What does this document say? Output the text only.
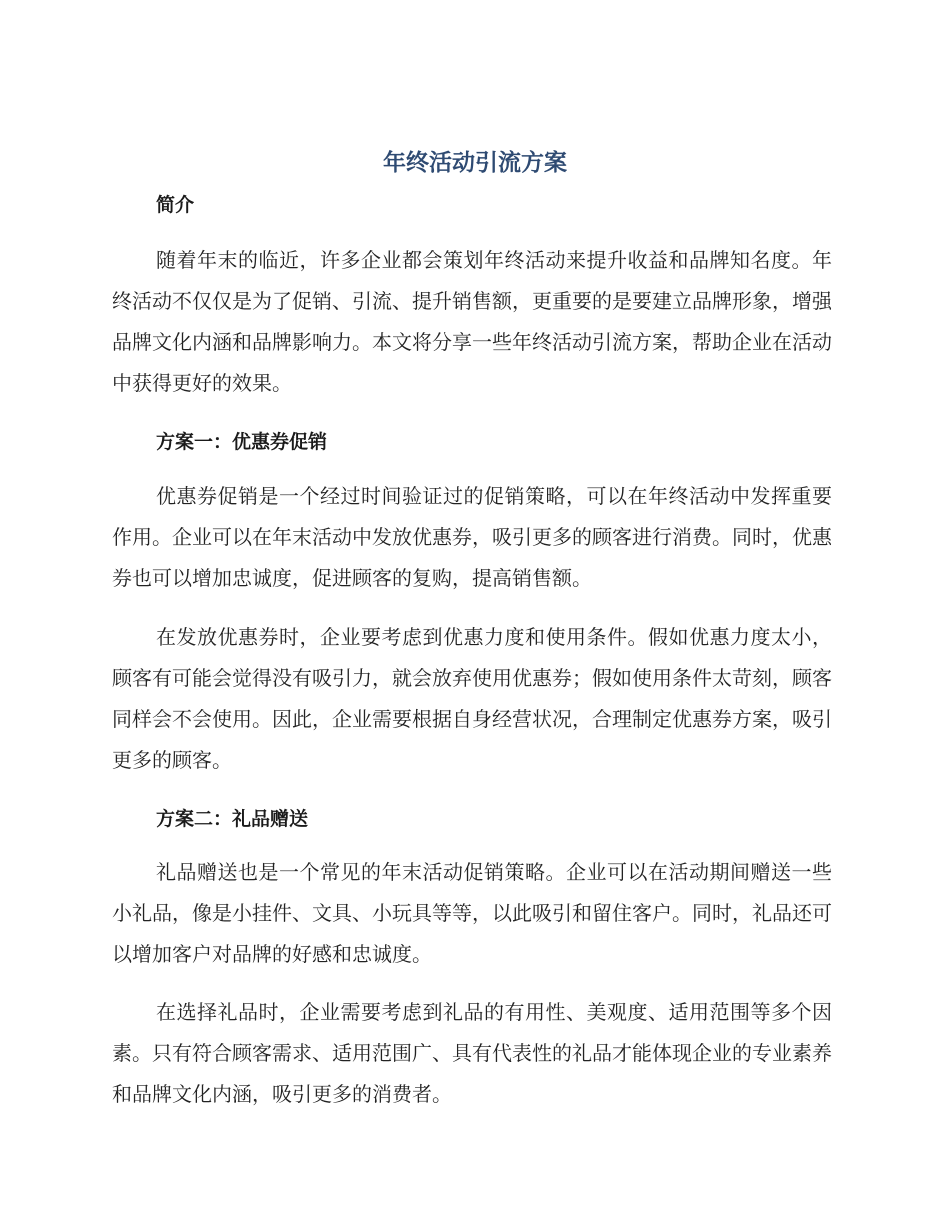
年终活动引流方案
简介

随着年末的临近，许多企业都会策划年终活动来提升收益和品牌知名度。年终活动不仅仅是为了促销、引流、提升销售额，更重要的是要建立品牌形象，增强品牌文化内涵和品牌影响力。本文将分享一些年终活动引流方案，帮助企业在活动中获得更好的效果。

方案一：优惠券促销

优惠券促销是一个经过时间验证过的促销策略，可以在年终活动中发挥重要作用。企业可以在年末活动中发放优惠券，吸引更多的顾客进行消费。同时，优惠券也可以增加忠诚度，促进顾客的复购，提高销售额。

在发放优惠券时，企业要考虑到优惠力度和使用条件。假如优惠力度太小，顾客有可能会觉得没有吸引力，就会放弃使用优惠券；假如使用条件太苛刻，顾客同样会不会使用。因此，企业需要根据自身经营状况，合理制定优惠券方案，吸引更多的顾客。

方案二：礼品赠送

礼品赠送也是一个常见的年末活动促销策略。企业可以在活动期间赠送一些小礼品，像是小挂件、文具、小玩具等等，以此吸引和留住客户。同时，礼品还可以增加客户对品牌的好感和忠诚度。

在选择礼品时，企业需要考虑到礼品的有用性、美观度、适用范围等多个因素。只有符合顾客需求、适用范围广、具有代表性的礼品才能体现企业的专业素养和品牌文化内涵，吸引更多的消费者。
